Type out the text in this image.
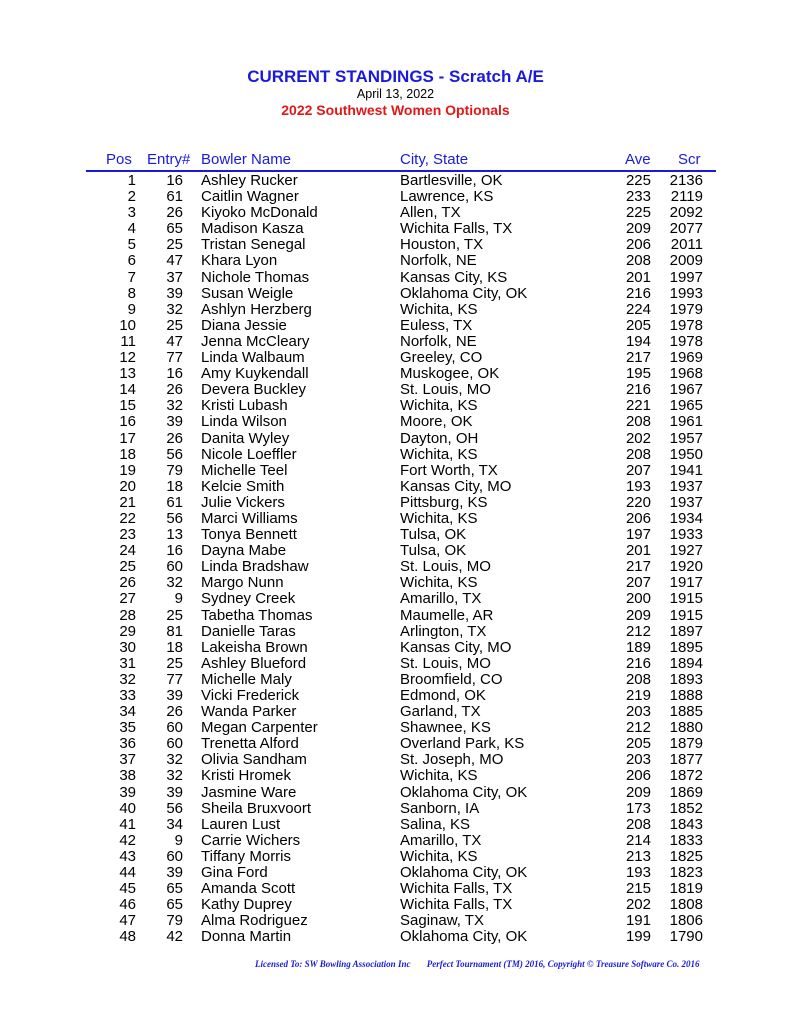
CURRENT STANDINGS - Scratch A/E
April 13, 2022
2022 Southwest Women Optionals
Pos Entry# Bowler Name	City, State	Ave Scr
1 16 Ashley Rucker	Bartlesville, OK	225 2136
2 61 Caitlin Wagner	Lawrence, KS	233 2119
3 26 Kiyoko McDonald	Allen, TX	225 2092
4 65 Madison Kasza	Wichita Falls, TX	209 2077
5 25 Tristan Senegal	Houston, TX	206 2011
6 47 Khara Lyon	Norfolk, NE	208 2009
7 37 Nichole Thomas	Kansas City, KS	201 1997
8 39 Susan Weigle	Oklahoma City, OK	216 1993
9 32 Ashlyn Herzberg	Wichita, KS	224 1979
10 25 Diana Jessie	Euless, TX	205 1978
11 47 Jenna McCleary	Norfolk, NE	194 1978
12 77 Linda Walbaum	Greeley, CO	217 1969
13 16 Amy Kuykendall	Muskogee, OK	195 1968
14 26 Devera Buckley	St. Louis, MO	216 1967
15 32 Kristi Lubash	Wichita, KS	221 1965
16 39 Linda Wilson	Moore, OK	208 1961
17 26 Danita Wyley	Dayton, OH	202 1957
18 56 Nicole Loeffler	Wichita, KS	208 1950
19 79 Michelle Teel	Fort Worth, TX	207 1941
20 18 Kelcie Smith	Kansas City, MO	193 1937
21 61 Julie Vickers	Pittsburg, KS	220 1937
22 56 Marci Williams	Wichita, KS	206 1934
23 13 Tonya Bennett	Tulsa, OK	197 1933
24 16 Dayna Mabe	Tulsa, OK	201 1927
25 60 Linda Bradshaw	St. Louis, MO	217 1920
26 32 Margo Nunn	Wichita, KS	207 1917
27	9 Sydney Creek	Amarillo, TX	200 1915
28 25 Tabetha Thomas	Maumelle, AR	209 1915
29 81 Danielle Taras	Arlington, TX	212 1897
30 18 Lakeisha Brown	Kansas City, MO	189 1895
31 25 Ashley Blueford	St. Louis, MO	216 1894
32 77 Michelle Maly	Broomfield, CO	208 1893
33 39 Vicki Frederick	Edmond, OK	219 1888
34 26 Wanda Parker	Garland, TX	203 1885
35 60 Megan Carpenter	Shawnee, KS	212 1880
36 60 Trenetta Alford	Overland Park, KS	205 1879
37 32 Olivia Sandham	St. Joseph, MO	203 1877
38 32 Kristi Hromek	Wichita, KS	206 1872
39 39 Jasmine Ware	Oklahoma City, OK	209 1869
40 56 Sheila Bruxvoort	Sanborn, IA	173 1852
41 34 Lauren Lust	Salina, KS	208 1843
42	9 Carrie Wichers	Amarillo, TX	214 1833
43 60 Tiffany Morris	Wichita, KS	213 1825
44 39 Gina Ford	Oklahoma City, OK	193 1823
45 65 Amanda Scott	Wichita Falls, TX	215 1819
46 65 Kathy Duprey	Wichita Falls, TX	202 1808
47 79 Alma Rodriguez	Saginaw, TX	191 1806
48 42 Donna Martin	Oklahoma City, OK	199 1790
Licensed To: SW Bowling Association Inc Perfect Tournament (TM) 2016, Copyright © Treasure Software Co. 2016
